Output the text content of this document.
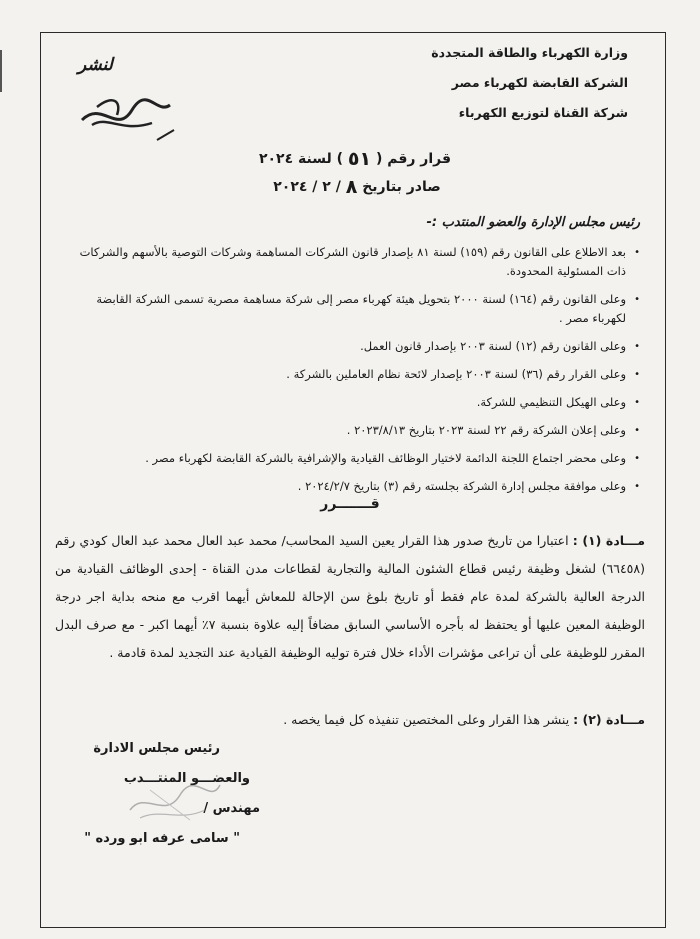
لنشر
وزارة الكهرباء والطاقة المتجددة
الشركة القابضة لكهرباء مصر
شركة القناة لتوزيع الكهرباء
قرار رقم ( ٥١ ) لسنة ٢٠٢٤
صادر بتاريخ ٨ / ٢ / ٢٠٢٤
رئيس مجلس الإدارة والعضو المنتدب :-
•
بعد الاطلاع على القانون رقم (١٥٩) لسنة ٨١ بإصدار قانون الشركات المساهمة وشركات التوصية بالأسهم والشركات ذات المسئولية المحدودة.
•
وعلى القانون رقم (١٦٤) لسنة ٢٠٠٠ بتحويل هيئة كهرباء مصر إلى شركة مساهمة مصرية تسمى الشركة القابضة لكهرباء مصر .
•
وعلى القانون رقم (١٢) لسنة ٢٠٠٣ بإصدار قانون العمل.
•
وعلى القرار رقم (٣٦) لسنة ٢٠٠٣ بإصدار لائحة نظام العاملين بالشركة .
•
وعلى الهيكل التنظيمي للشركة.
•
وعلى إعلان الشركة رقم ٢٢ لسنة ٢٠٢٣ بتاريخ ٢٠٢٣/٨/١٣ .
•
وعلى محضر اجتماع اللجنة الدائمة لاختيار الوظائف القيادية والإشرافية بالشركة القابضة لكهرباء مصر .
•
وعلى موافقة مجلس إدارة الشركة بجلسته رقم (٣) بتاريخ ٢٠٢٤/٢/٧ .
قـــــــرر
مـــادة (١) : اعتبارا من تاريخ صدور هذا القرار يعين السيد المحاسب/ محمد عبد العال محمد عبد العال كودي رقم (٦٦٤٥٨) لشغل وظيفة رئيس قطاع الشئون المالية والتجارية لقطاعات مدن القناة - إحدى الوظائف القيادية من الدرجة العالية بالشركة لمدة عام فقط أو تاريخ بلوغ سن الإحالة للمعاش أيهما اقرب مع منحه بداية اجر درجة الوظيفة المعين عليها أو يحتفظ له بأجره الأساسي السابق مضافاً إليه علاوة بنسبة ٧٪ أيهما اكبر - مع صرف البدل المقرر للوظيفة على أن تراعى مؤشرات الأداء خلال فترة توليه الوظيفة القيادية عند التجديد لمدة قادمة .
مـــادة (٢) : ينشر هذا القرار وعلى المختصين تنفيذه كل فيما يخصه .
رئيس مجلس الادارة
والعضـــو المنتـــدب
مهندس /
" سامى عرفه ابو ورده "
